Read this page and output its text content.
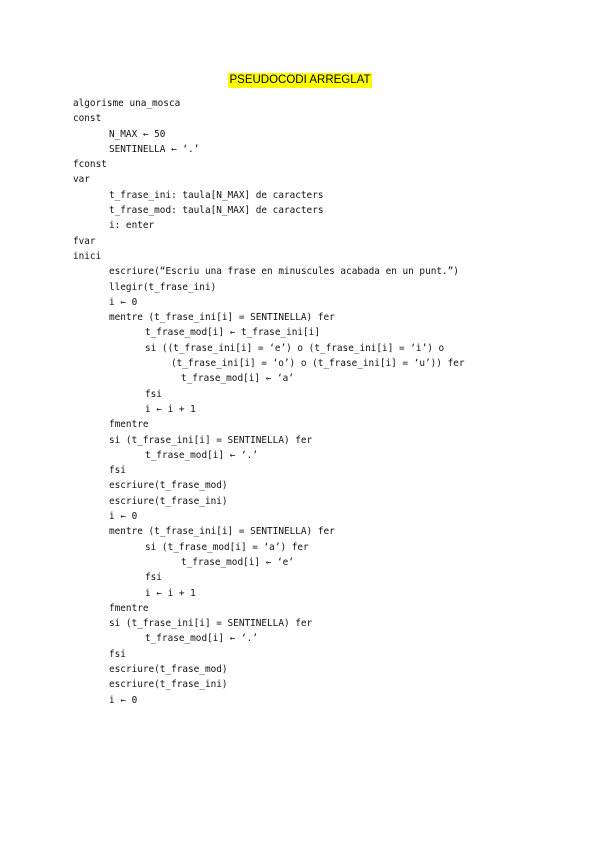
PSEUDOCODI ARREGLAT
algorisme una_mosca
const
N_MAX ← 50
SENTINELLA ← ‘.’
fconst
var
t_frase_ini: taula[N_MAX] de caracters
t_frase_mod: taula[N_MAX] de caracters
i: enter
fvar
inici
escriure(“Escriu una frase en minuscules acabada en un punt.”)
llegir(t_frase_ini)
i ← 0
mentre (t_frase_ini[i] = SENTINELLA) fer
t_frase_mod[i] ← t_frase_ini[i]
si ((t_frase_ini[i] = ‘e’) o (t_frase_ini[i] = ‘i’) o
(t_frase_ini[i] = ‘o’) o (t_frase_ini[i] = ‘u’)) fer
t_frase_mod[i] ← ‘a’
fsi
i ← i + 1
fmentre
si (t_frase_ini[i] = SENTINELLA) fer
t_frase_mod[i] ← ‘.’
fsi
escriure(t_frase_mod)
escriure(t_frase_ini)
i ← 0
mentre (t_frase_ini[i] = SENTINELLA) fer
si (t_frase_mod[i] = ‘a’) fer
t_frase_mod[i] ← ‘e’
fsi
i ← i + 1
fmentre
si (t_frase_ini[i] = SENTINELLA) fer
t_frase_mod[i] ← ‘.’
fsi
escriure(t_frase_mod)
escriure(t_frase_ini)
i ← 0
